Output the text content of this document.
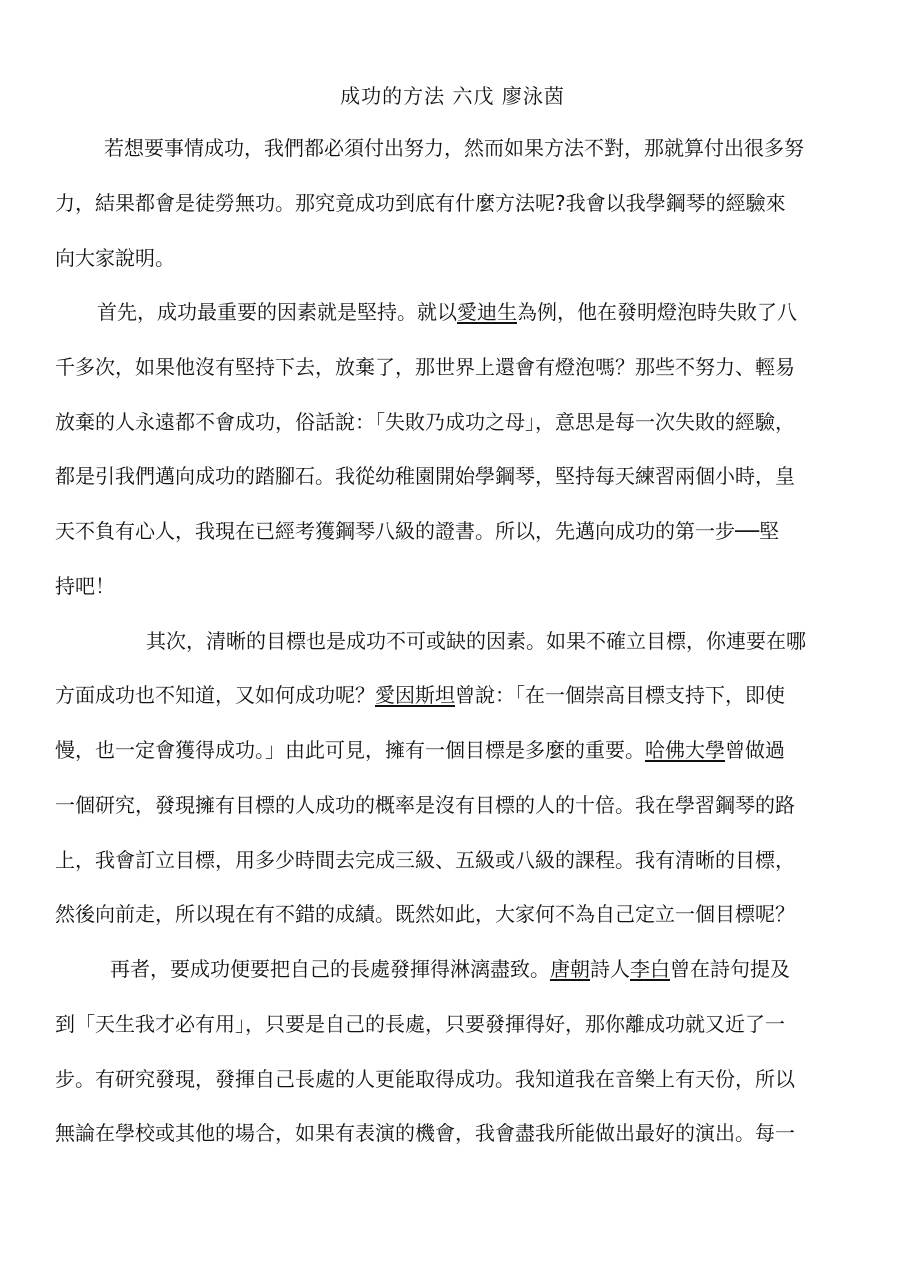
成功的方法 六戊 廖泳茵
若想要事情成功，我們都必須付出努力，然而如果方法不對，那就算付出很多努
力，結果都會是徒勞無功。那究竟成功到底有什麼方法呢?我會以我學鋼琴的經驗來
向大家說明。
首先，成功最重要的因素就是堅持。就以愛迪生為例，他在發明燈泡時失敗了八
千多次，如果他沒有堅持下去，放棄了，那世界上還會有燈泡嗎？那些不努力、輕易
放棄的人永遠都不會成功，俗話說：「失敗乃成功之母」，意思是每一次失敗的經驗，
都是引我們邁向成功的踏腳石。我從幼稚園開始學鋼琴，堅持每天練習兩個小時，皇
天不負有心人，我現在已經考獲鋼琴八級的證書。所以，先邁向成功的第一步──堅
持吧！
其次，清晰的目標也是成功不可或缺的因素。如果不確立目標，你連要在哪
方面成功也不知道，又如何成功呢？愛因斯坦曾說：「在一個崇高目標支持下，即使
慢，也一定會獲得成功。」由此可見，擁有一個目標是多麼的重要。哈佛大學曾做過
一個研究，發現擁有目標的人成功的概率是沒有目標的人的十倍。我在學習鋼琴的路
上，我會訂立目標，用多少時間去完成三級、五級或八級的課程。我有清晰的目標，
然後向前走，所以現在有不錯的成績。既然如此，大家何不為自己定立一個目標呢？
再者，要成功便要把自己的長處發揮得淋漓盡致。唐朝詩人李白曾在詩句提及
到「天生我才必有用」，只要是自己的長處，只要發揮得好，那你離成功就又近了一
步。有研究發現，發揮自己長處的人更能取得成功。我知道我在音樂上有天份，所以
無論在學校或其他的場合，如果有表演的機會，我會盡我所能做出最好的演出。每一
